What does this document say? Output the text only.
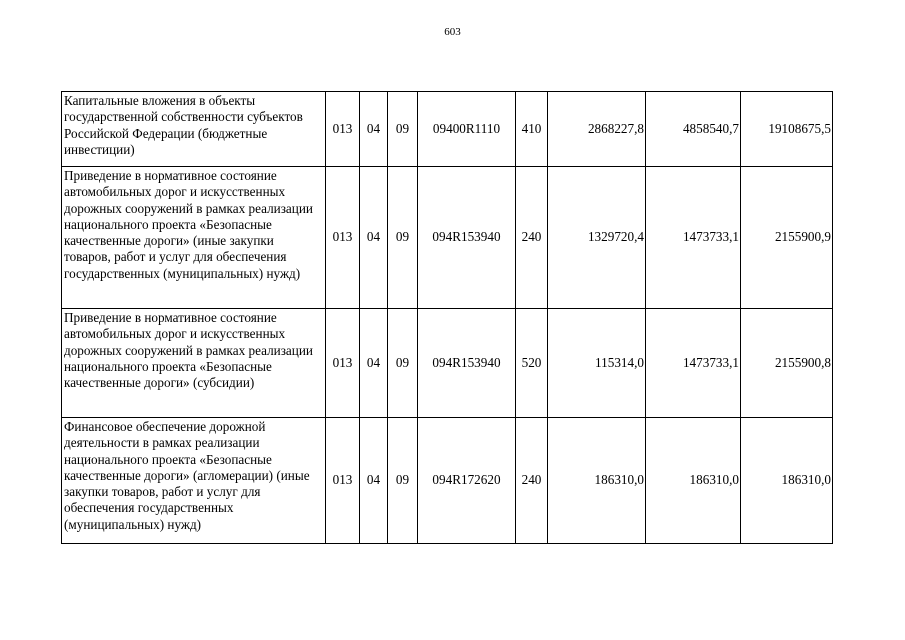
603
Капитальные вложения в объекты государственной собственности субъектов Российской Федерации (бюджетные инвестиции)	013	04	09	09400R1110	410	2868227,8	4858540,7	19108675,5
Приведение в нормативное состояние автомобильных дорог и искусственных дорожных сооружений в рамках реализации национального проекта «Безопасные качественные дороги» (иные закупки товаров, работ и услуг для обеспечения государственных (муниципальных) нужд)	013	04	09	094R153940	240	1329720,4	1473733,1	2155900,9
Приведение в нормативное состояние автомобильных дорог и искусственных дорожных сооружений в рамках реализации национального проекта «Безопасные качественные дороги» (субсидии)	013	04	09	094R153940	520	115314,0	1473733,1	2155900,8
Финансовое обеспечение дорожной деятельности в рамках реализации национального проекта «Безопасные качественные дороги» (агломерации) (иные закупки товаров, работ и услуг для обеспечения государственных (муниципальных) нужд)	013	04	09	094R172620	240	186310,0	186310,0	186310,0
